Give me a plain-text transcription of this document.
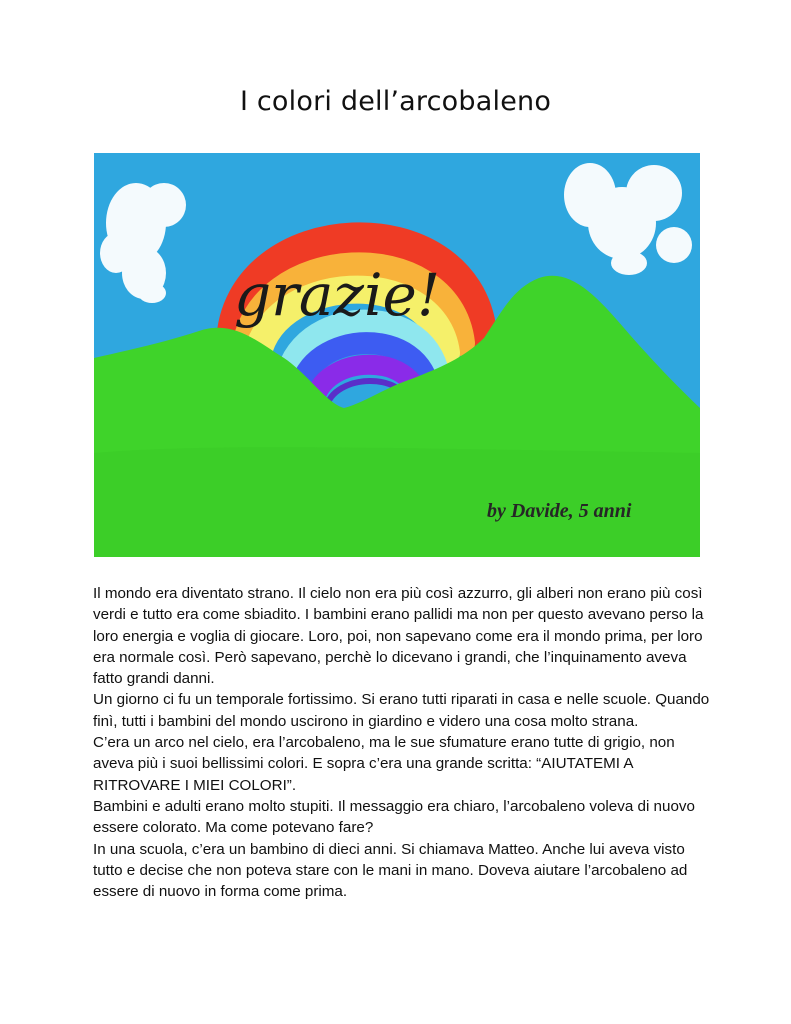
I colori dell’arcobaleno
grazie!
by Davide, 5 anni

Il mondo era diventato strano. Il cielo non era più così azzurro, gli alberi non erano più così verdi e tutto era come sbiadito. I bambini erano pallidi ma non per questo avevano perso la loro energia e voglia di giocare. Loro, poi, non sapevano come era il mondo prima, per loro era normale così. Però sapevano, perchè lo dicevano i grandi, che l’inquinamento aveva fatto grandi danni.

Un giorno ci fu un temporale fortissimo. Si erano tutti riparati in casa e nelle scuole. Quando finì, tutti i bambini del mondo uscirono in giardino e videro una cosa molto strana.

C’era un arco nel cielo, era l’arcobaleno, ma le sue sfumature erano tutte di grigio, non aveva più i suoi bellissimi colori. E sopra c’era una grande scritta: “AIUTATEMI A RITROVARE I MIEI COLORI”.

Bambini e adulti erano molto stupiti. Il messaggio era chiaro, l’arcobaleno voleva di nuovo essere colorato. Ma come potevano fare?

In una scuola, c’era un bambino di dieci anni. Si chiamava Matteo. Anche lui aveva visto tutto e decise che non poteva stare con le mani in mano. Doveva aiutare l’arcobaleno ad essere di nuovo in forma come prima.
